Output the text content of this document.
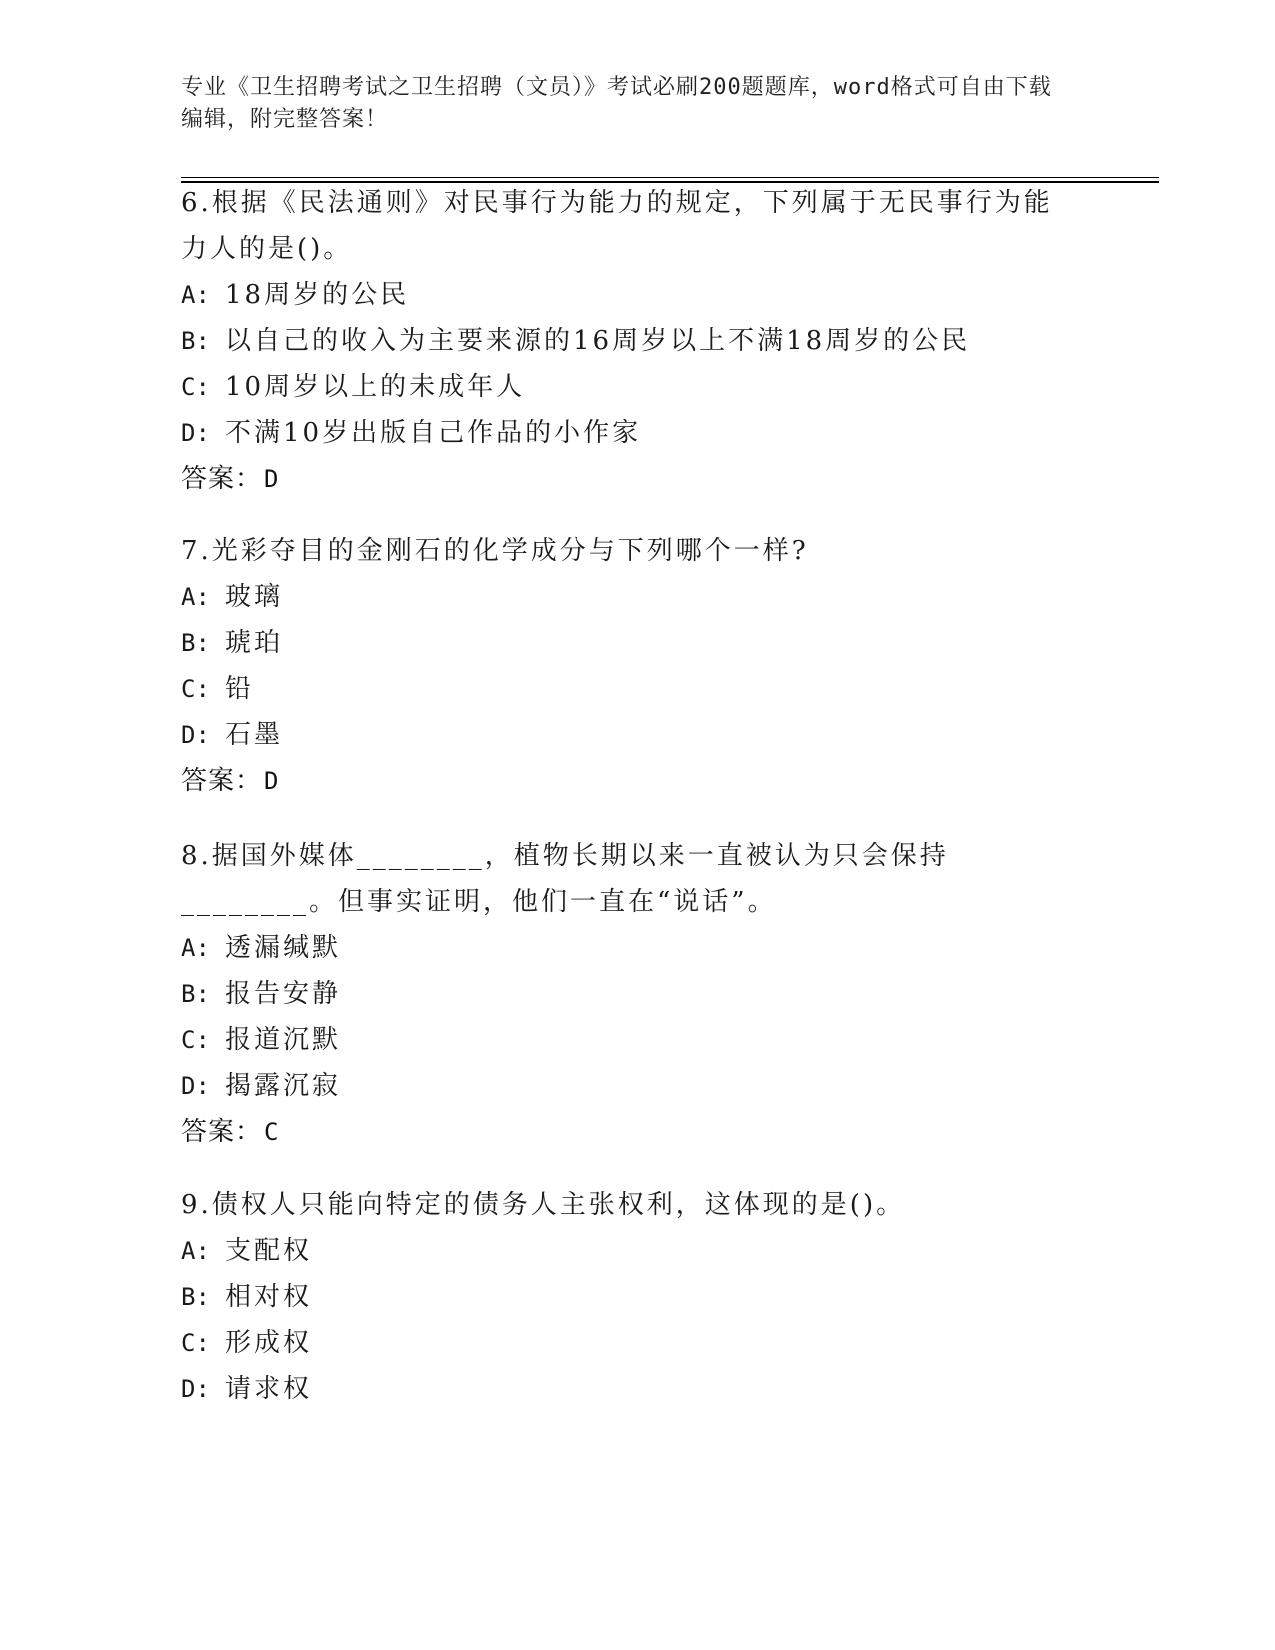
专业《卫生招聘考试之卫生招聘（文员）》考试必刷200题题库，word格式可自由下载编辑，附完整答案！
6.根据《民法通则》对民事行为能力的规定，下列属于无民事行为能力人的是()。
A: 18周岁的公民
B: 以自己的收入为主要来源的16周岁以上不满18周岁的公民
C: 10周岁以上的未成年人
D: 不满10岁出版自己作品的小作家
答案：D
7.光彩夺目的金刚石的化学成分与下列哪个一样?
A: 玻璃
B: 琥珀
C: 铅
D: 石墨
答案：D
8.据国外媒体________，植物长期以来一直被认为只会保持________。但事实证明，他们一直在“说话”。
A: 透漏缄默
B: 报告安静
C: 报道沉默
D: 揭露沉寂
答案：C
9.债权人只能向特定的债务人主张权利，这体现的是()。
A: 支配权
B: 相对权
C: 形成权
D: 请求权
